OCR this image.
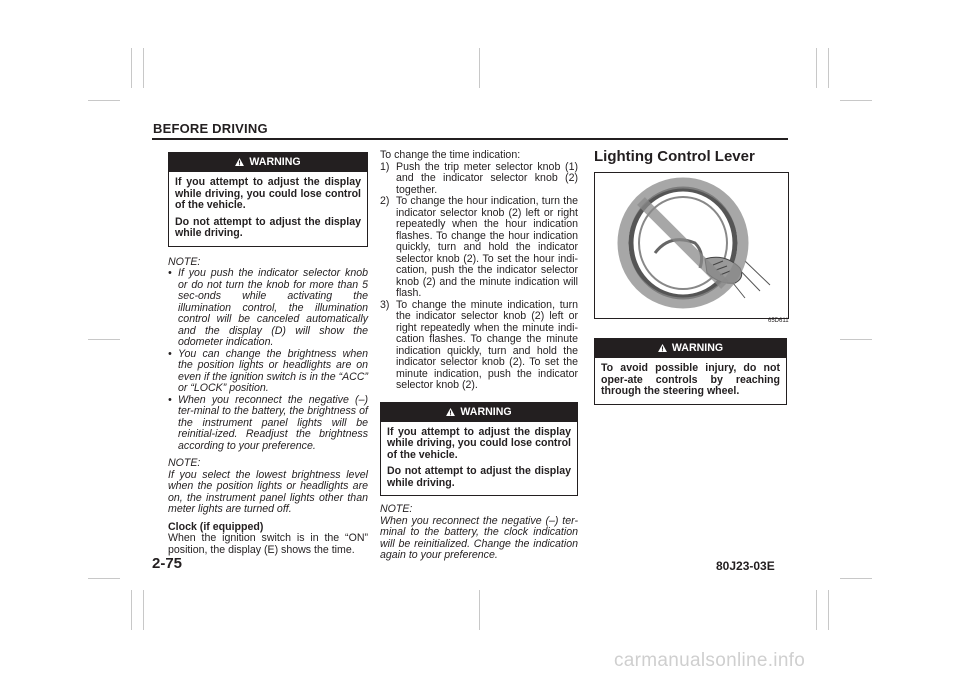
BEFORE DRIVING
WARNING

If you attempt to adjust the display while driving, you could lose control of the vehicle.

Do not attempt to adjust the display while driving.

NOTE:

• If you push the indicator selector knob or do not turn the knob for more than 5 sec-onds while activating the illumination control, the illumination control will be canceled automatically and the display (D) will show the odometer indication.
• You can change the brightness when the position lights or headlights are on even if the ignition switch is in the “ACC” or “LOCK” position.
• When you reconnect the negative (–) ter-minal to the battery, the brightness of the instrument panel lights will be reinitial-ized. Readjust the brightness according to your preference.

NOTE:

If you select the lowest brightness level when the position lights or headlights are on, the instrument panel lights other than meter lights are turned off.

Clock (if equipped)

When the ignition switch is in the “ON” position, the display (E) shows the time.

To change the time indication:

1) Push the trip meter selector knob (1) and the indicator selector knob (2) together.
2) To change the hour indication, turn the indicator selector knob (2) left or right repeatedly when the hour indication flashes. To change the hour indication quickly, turn and hold the indicator selector knob (2). To set the hour indi-cation, push the the indicator selector knob (2) and the minute indication will flash.
3) To change the minute indication, turn the indicator selector knob (2) left or right repeatedly when the minute indi-cation flashes. To change the minute indication quickly, turn and hold the indicator selector knob (2). To set the minute indication, push the indicator selector knob (2).
WARNING

If you attempt to adjust the display while driving, you could lose control of the vehicle.

Do not attempt to adjust the display while driving.

NOTE:

When you reconnect the negative (–) ter-minal to the battery, the clock indication will be reinitialized. Change the indication again to your preference.

Lighting Control Lever

65D611
WARNING

To avoid possible injury, do not oper-ate controls by reaching through the steering wheel.

2-75	80J23-03E
carmanualsonline.info
